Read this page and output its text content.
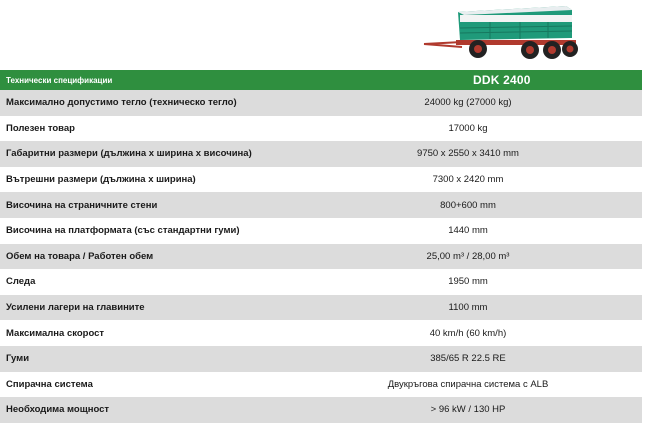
Технически спецификации	DDK 2400
Максимално допустимо тегло (техническо тегло)	24000 kg (27000 kg)
Полезен товар	17000 kg
Габаритни размери (дължина х ширина х височина)	9750 x 2550 x 3410 mm
Вътрешни размери (дължина х ширина)	7300 x 2420 mm
Височина на страничните стени	800+600 mm
Височина на платформата (със стандартни гуми)	1440 mm
Обем на товара / Работен обем	25,00 m³ / 28,00 m³
Следа	1950 mm
Усилени лагери на главините	1100 mm
Максимална скорост	40 km/h (60 km/h)
Гуми	385/65 R 22.5 RE
Спирачна система	Двукръгова спирачна система с ALB
Необходима мощност	> 96 kW / 130 HP
